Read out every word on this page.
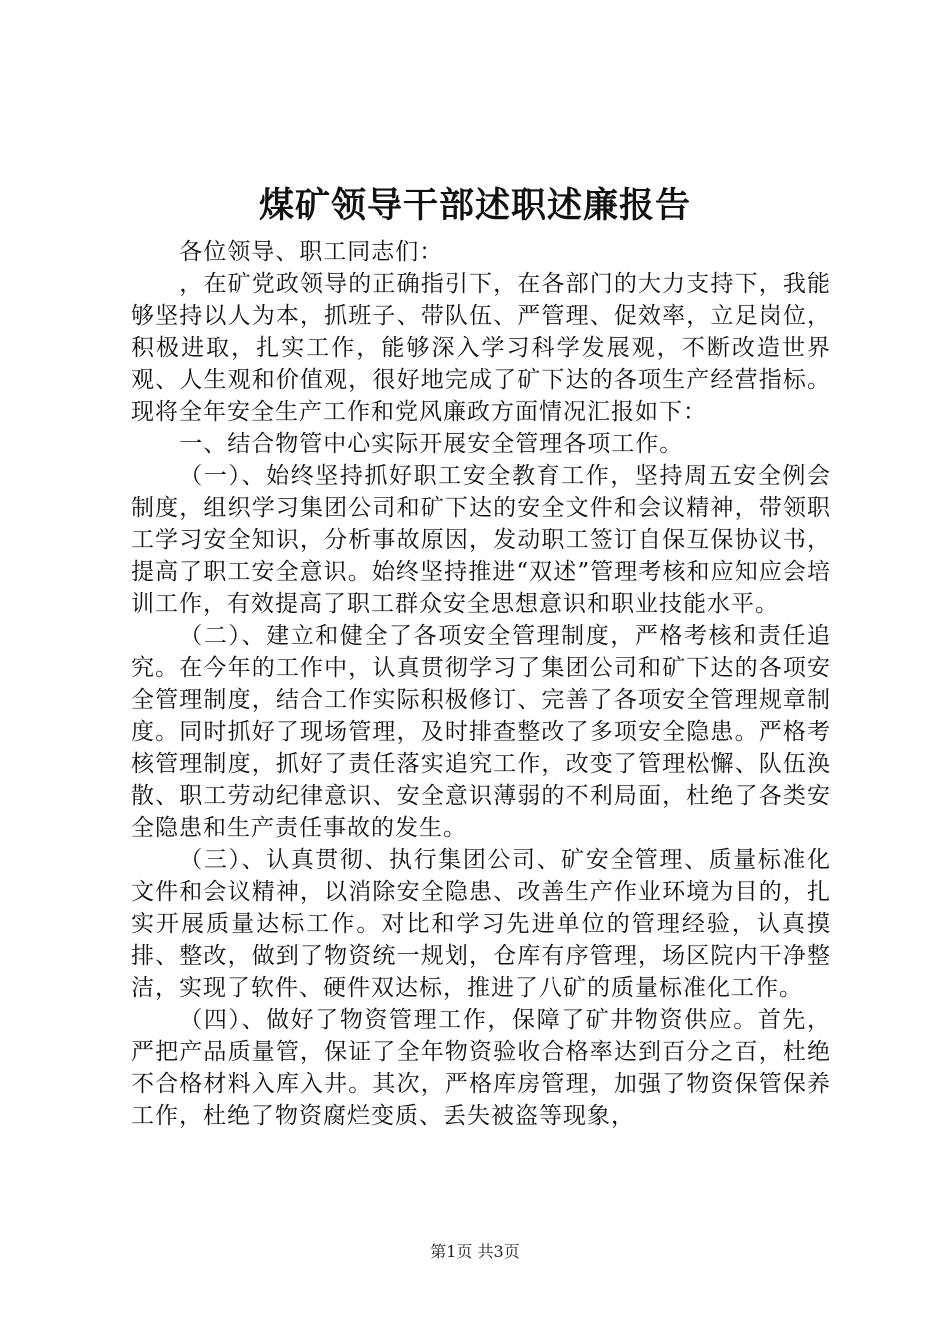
煤矿领导干部述职述廉报告

各位领导、职工同志们：

，在矿党政领导的正确指引下，在各部门的大力支持下，我能够坚持以人为本，抓班子、带队伍、严管理、促效率，立足岗位，积极进取，扎实工作，能够深入学习科学发展观，不断改造世界观、人生观和价值观，很好地完成了矿下达的各项生产经营指标。现将全年安全生产工作和党风廉政方面情况汇报如下：

一、结合物管中心实际开展安全管理各项工作。

（一）、始终坚持抓好职工安全教育工作，坚持周五安全例会制度，组织学习集团公司和矿下达的安全文件和会议精神，带领职工学习安全知识，分析事故原因，发动职工签订自保互保协议书，提高了职工安全意识。始终坚持推进“双述”管理考核和应知应会培训工作，有效提高了职工群众安全思想意识和职业技能水平。

（二）、建立和健全了各项安全管理制度，严格考核和责任追究。在今年的工作中，认真贯彻学习了集团公司和矿下达的各项安全管理制度，结合工作实际积极修订、完善了各项安全管理规章制度。同时抓好了现场管理，及时排查整改了多项安全隐患。严格考核管理制度，抓好了责任落实追究工作，改变了管理松懈、队伍涣散、职工劳动纪律意识、安全意识薄弱的不利局面，杜绝了各类安全隐患和生产责任事故的发生。

（三）、认真贯彻、执行集团公司、矿安全管理、质量标准化文件和会议精神，以消除安全隐患、改善生产作业环境为目的，扎实开展质量达标工作。对比和学习先进单位的管理经验，认真摸排、整改，做到了物资统一规划，仓库有序管理，场区院内干净整洁，实现了软件、硬件双达标，推进了八矿的质量标准化工作。

（四）、做好了物资管理工作，保障了矿井物资供应。首先，严把产品质量管，保证了全年物资验收合格率达到百分之百，杜绝不合格材料入库入井。其次，严格库房管理，加强了物资保管保养工作，杜绝了物资腐烂变质、丢失被盗等现象，

第1页 共3页
